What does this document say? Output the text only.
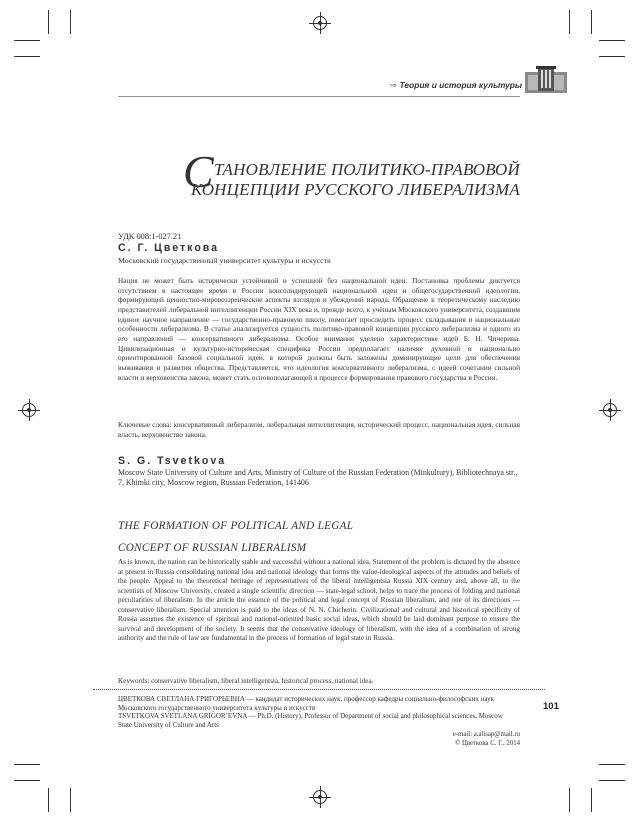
⇒ Теория и история культуры
С ТАНОВЛЕНИЕ ПОЛИТИКО-ПРАВОВОЙ
КОНЦЕПЦИИ РУССКОГО ЛИБЕРАЛИЗМА
УДК 008:1-027.21
С. Г. Цветкова
Московский государственный университет культуры и искусств
Нация не может быть исторически устойчивой и успешной без национальной идеи. Постановка проблемы диктуется отсутствием в настоящее время в России консолидирующей национальной идеи и общегосударственной идеологии, формирующей ценностно-мировоззренческие аспекты взглядов и убеждений народа. Обращение к теоретическому наследию представителей либеральной интеллигенции России XIX века и, прежде всего, к учёным Московского университета, создавшим единое научное направление — государственно-правовую школу, помогает проследить процесс складывания и национальные особенности либерализма. В статье анализируется сущность политико-правовой концепции русского либерализма и одного из его направлений — консервативного либерализма. Особое внимание уделено характеристике идей Б. Н. Чичерина. Цивилизационная и культурно-историческая специфика России предполагает наличие духовной и национально ориентированной базовой социальной идеи, в которой должны быть заложены доминирующие цели для обеспечения выживания и развития общества. Представляется, что идеология консервативного либерализма, с идеей сочетания сильной власти и верховенства закона, может стать основополагающей в процессе формирования правового государства в России.
Ключевые слова: консервативный либерализм, либеральная интеллигенция, исторический процесс, национальная идея, сильная власть, верховенство закона.
S. G. Tsvetkova
Moscow State University of Culture and Arts, Ministry of Culture of the Russian Federation (Minkultury), Bibliotechnaya str., 7, Khimki city, Moscow region, Russian Federation, 141406
THE FORMATION OF POLITICAL AND LEGAL
CONCEPT OF RUSSIAN LIBERALISM
As is known, the nation can be historically stable and successful without a national idea. Statement of the problem is dictated by the absence at present in Russia consolidating national idea and national ideology that forms the value-ideological aspects of the attitudes and beliefs of the people. Appeal to the theoretical heritage of representatives of the liberal intelligentsia Russia XIX century and, above all, to the scientists of Moscow University, created a single scientific direction — state-legal school, helps to trace the process of folding and national peculiarities of liberalism. In the article the essence of the political and legal concept of Russian liberalism, and one of its directions — conservative liberalism. Special attention is paid to the ideas of N. N. Chicherin. Civilizational and cultural and historical specificity of Russia assumes the existence of spiritual and national-oriented basic social ideas, which should be laid dominant purpose to ensure the survival and development of the society. It seems that the conservative ideology of liberalism, with the idea of a combination of strong authority and the rule of law are fundamental in the process of formation of legal state in Russia.
Keywords: conservative liberalism, liberal intelligentsia, historical process, national idea.

ЦВЕТКОВА СВЕТЛАНА ГРИГОРЬЕВНА — кандидат исторических наук, профессор кафедры социально-философских наук Московского государственного университета культуры и искусств

TSVETKOVA SVETLANA GRIGOR’EVNA — Ph.D. (History), Professor of Department of social and philosophical sciences, Moscow State University of Culture and Arts

e-mail: a.alisap@mail.ru
© Цветкова С. Г., 2014
101
